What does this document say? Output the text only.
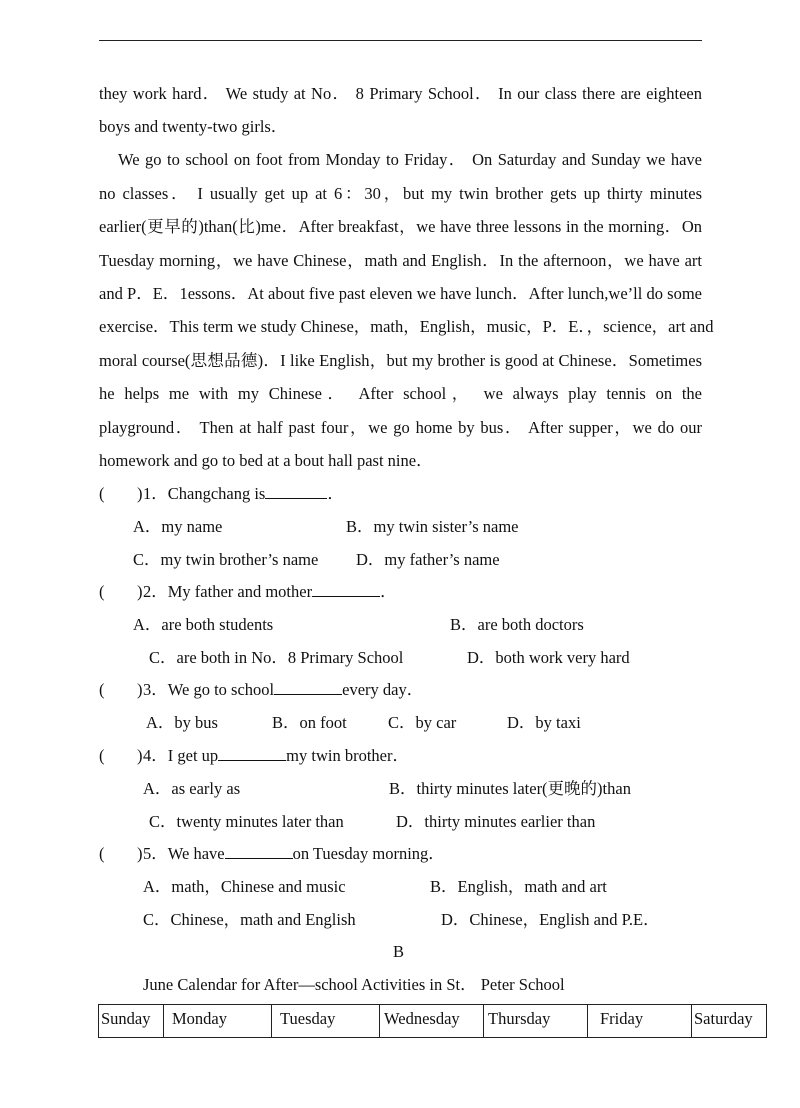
they work hard． We study at No． 8 Primary School． In our class there are eighteen
boys and twenty-two girls．
We go to school on foot from Monday to Friday． On Saturday and Sunday we have
no classes． I usually get up at 6：30，but my twin brother gets up thirty minutes
earlier(更早的)than(比)me．After breakfast，we have three lessons in the morning．On
Tuesday morning，we have Chinese，math and English．In the afternoon，we have art
and P．E．1essons．At about five past eleven we have lunch．After lunch,we’ll do some
exercise．This term we study Chinese，math，English，music，P．E．，science，art and
moral course(思想品德)．I like English，but my brother is good at Chinese．Sometimes
he helps me with my Chinese． After school， we always play tennis on the
playground． Then at half past four，we go home by bus． After supper，we do our
homework and go to bed at a bout hall past nine．
( ) 1．Changchang is	．
A．my name	B．my twin sister’s name
C．my twin brother’s name D．my father’s name
( ) 2．My father and mother	．
A．are both students	B．are both doctors
C．are both in No．8 Primary School	D．both work very hard
( ) 3．We go to school	every day．
A．by bus	B．on foot	C．by car	D．by taxi
( ) 4．I get up	my twin brother．
A．as early as	B．thirty minutes later(更晚的)than
C．twenty minutes later than	D．thirty minutes earlier than
( ) 5．We have	on Tuesday morning．
A．math，Chinese and music	B．English，math and art
C．Chinese，math and English	D．Chinese，English and P.E．
B
June Calendar for After—school Activities in St． Peter School
Sunday	Monday	Tuesday	Wednesday	Thursday	Friday	Saturday
